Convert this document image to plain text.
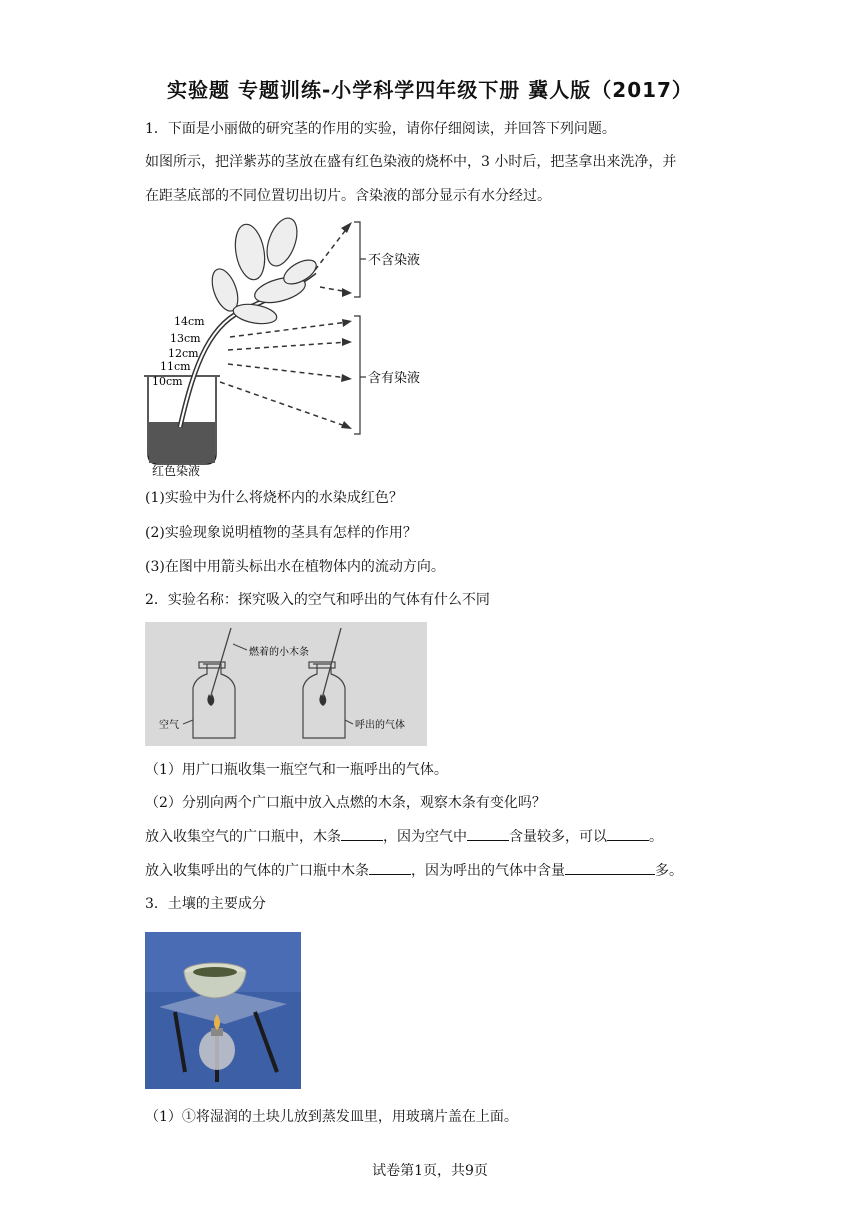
实验题 专题训练-小学科学四年级下册 冀人版（2017）
1．下面是小丽做的研究茎的作用的实验，请你仔细阅读，并回答下列问题。
如图所示，把洋紫苏的茎放在盛有红色染液的烧杯中，3 小时后，把茎拿出来洗净，并
在距茎底部的不同位置切出切片。含染液的部分显示有水分经过。
14cm
13cm
12cm
11cm
10cm
不含染液
含有染液
红色染液
(1)实验中为什么将烧杯内的水染成红色？
(2)实验现象说明植物的茎具有怎样的作用？
(3)在图中用箭头标出水在植物体内的流动方向。
2．实验名称：探究吸入的空气和呼出的气体有什么不同
燃着的小木条
空气	呼出的气体
（1）用广口瓶收集一瓶空气和一瓶呼出的气体。
（2）分别向两个广口瓶中放入点燃的木条，观察木条有变化吗？
放入收集空气的广口瓶中，木条	，因为空气中	含量较多，可以	。
放入收集呼出的气体的广口瓶中木条	，因为呼出的气体中含量	多。
3．土壤的主要成分
（1）①将湿润的土块儿放到蒸发皿里，用玻璃片盖在上面。
试卷第1页，共9页
